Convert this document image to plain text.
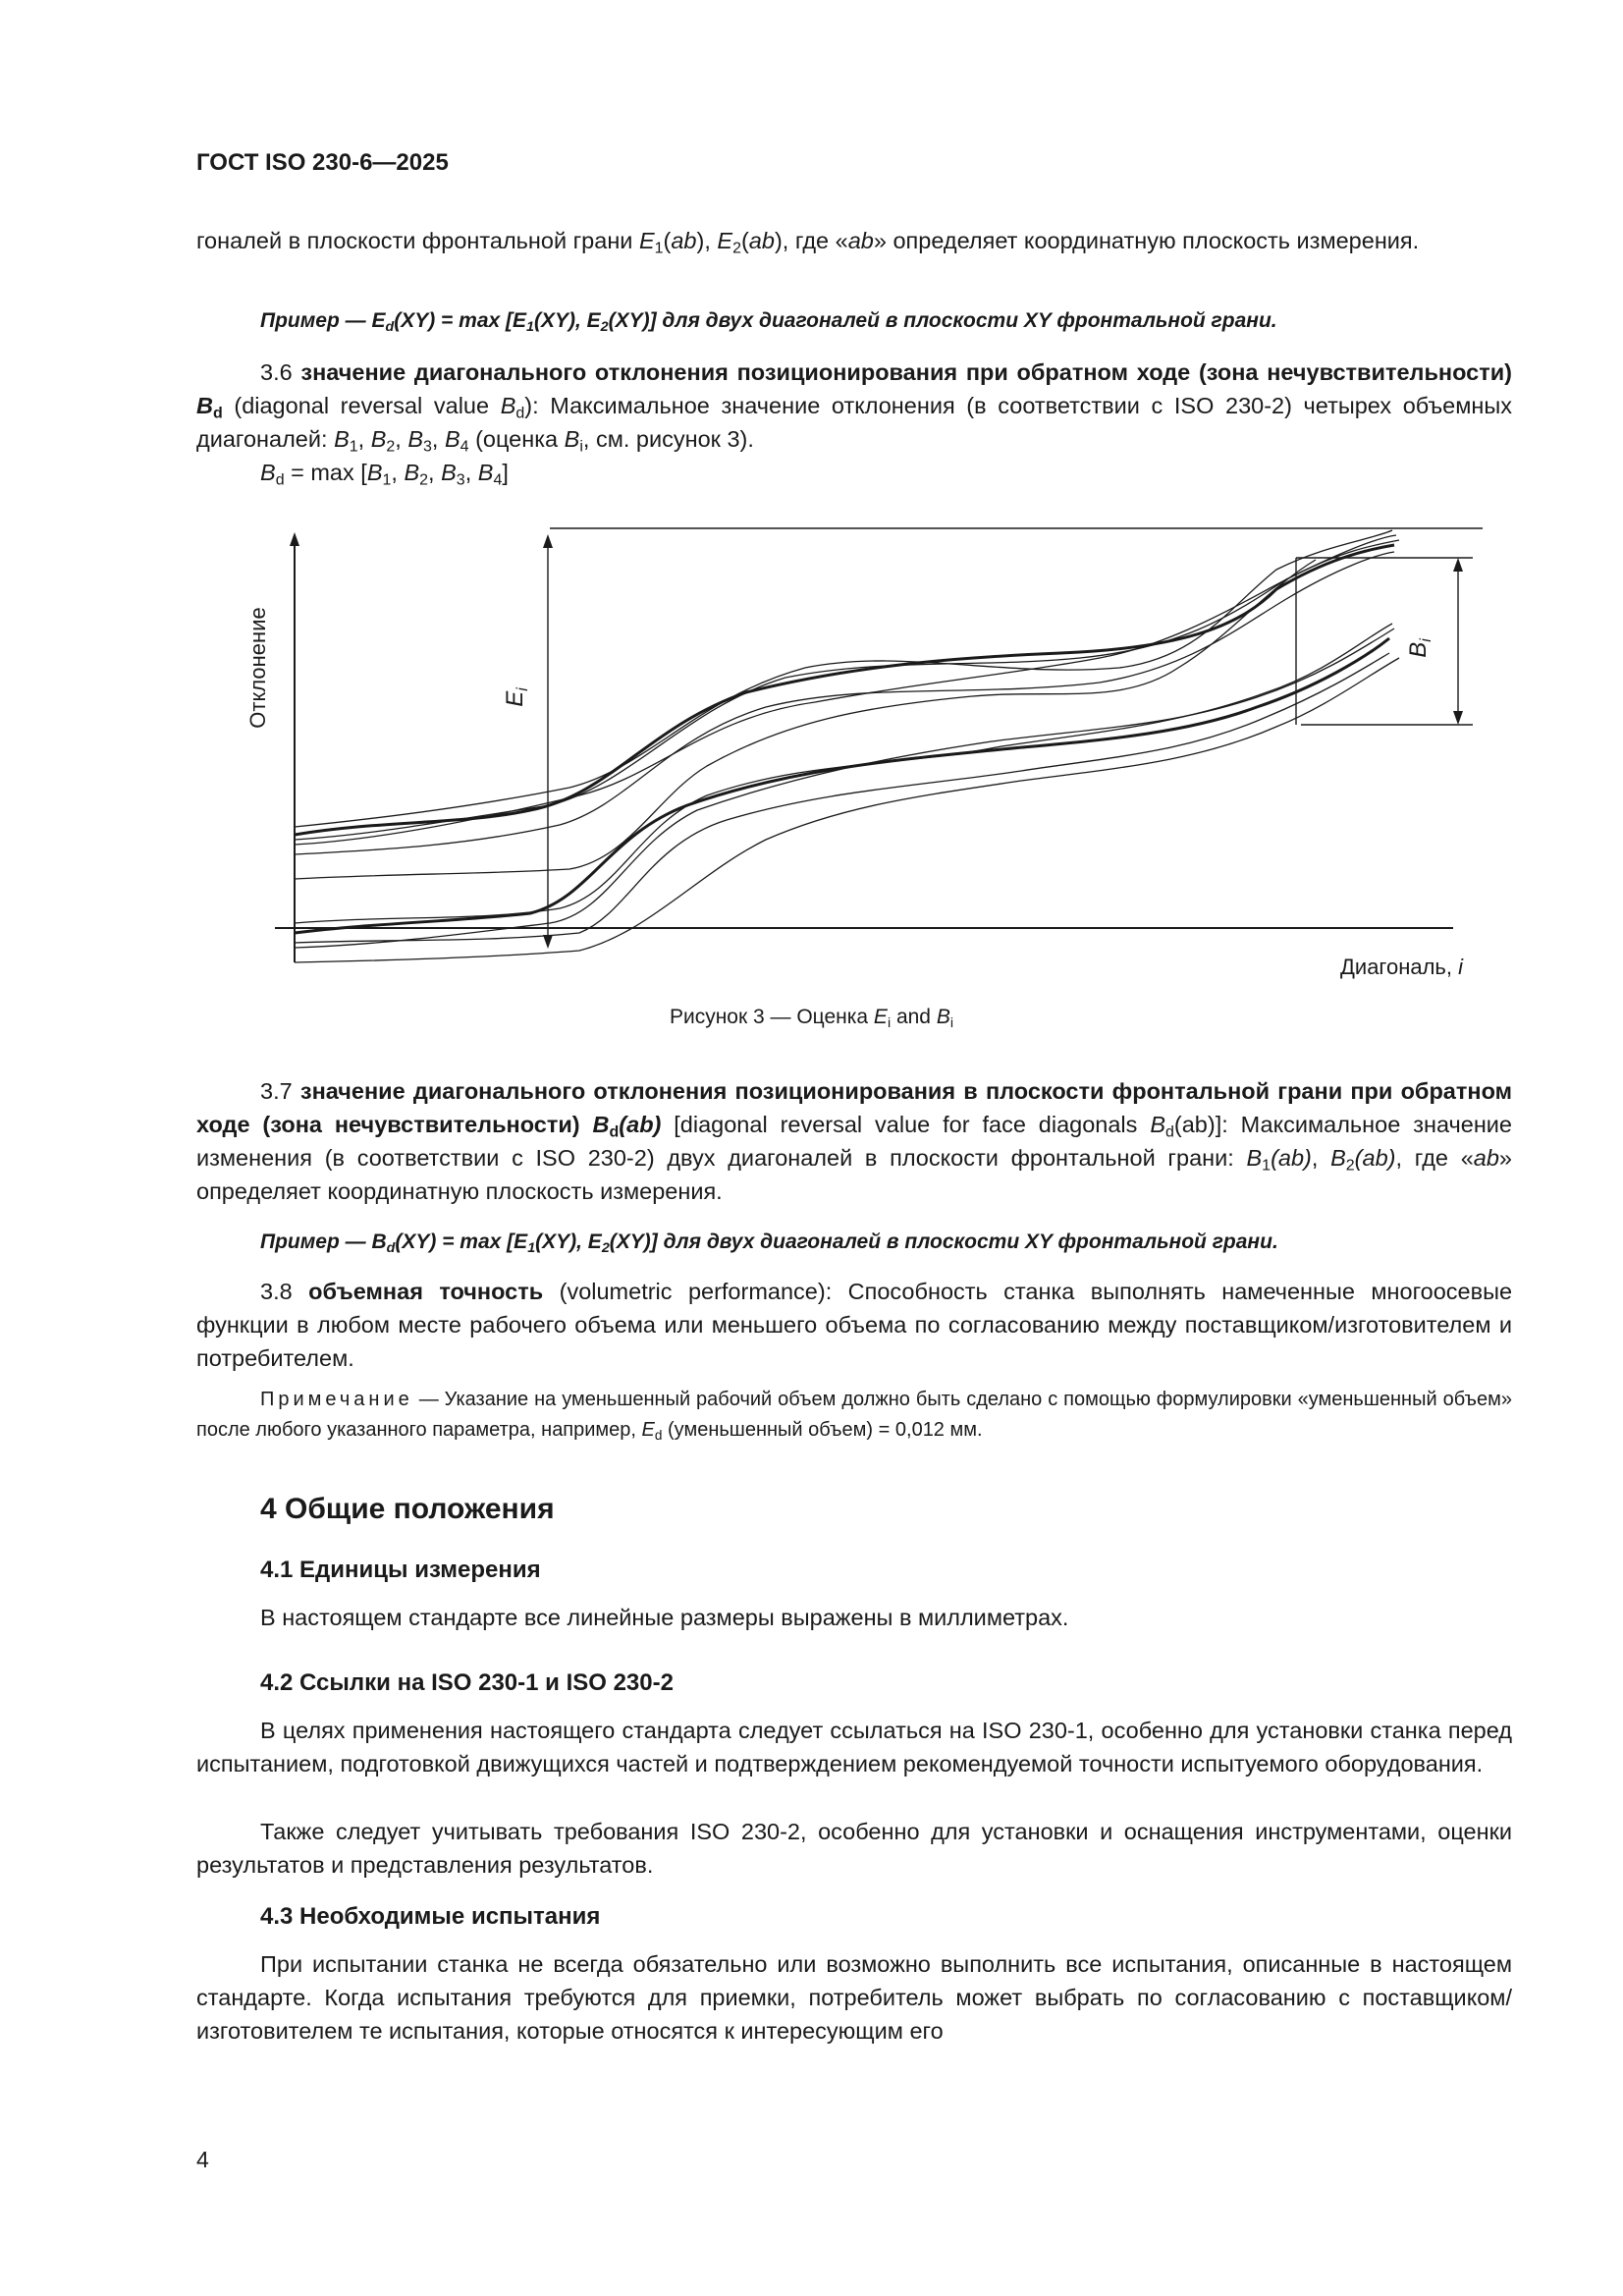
ГОСТ ISO 230-6—2025
гоналей в плоскости фронтальной грани $E_1(ab)$, $E_2(ab)$, где «ab» определяет координатную плоскость измерения.
Пример — $E_d(XY) = \max [E_1(XY)$, $E_2(XY)$] для двух диагоналей в плоскости XY фронтальной грани.
3.6 значение диагонального отклонения позиционирования при обратном ходе (зона нечувствительности) $B_d$ (diagonal reversal value $B_d$): Максимальное значение отклонения (в соответствии с ISO 230-2) четырех объемных диагоналей: $B_1$, $B_2$, $B_3$, $B_4$ (оценка $B_i$, см. рисунок 3).
$B_d = \max [B_1$, $B_2$, $B_3$, $B_4$]
Отклонение	$E_i$
$B_i$
Диагональ, i
Рисунок 3 — Оценка $E_i$ and $B_i$
3.7 значение диагонального отклонения позиционирования в плоскости фронтальной грани при обратном ходе (зона нечувствительности) $B_d(ab)$ [diagonal reversal value for face diagonals $B_d(ab)$]: Максимальное значение изменения (в соответствии с ISO 230-2) двух диагоналей в плоскости фронтальной грани: $B_1(ab)$, $B_2(ab)$, где «ab» определяет координатную плоскость измерения.
Пример — $B_d(XY) = \max [E_1(XY)$, $E_2(XY)$] для двух диагоналей в плоскости XY фронтальной грани.
3.8 объемная точность (volumetric performance): Способность станка выполнять намеченные многоосевые функции в любом месте рабочего объема или меньшего объема по согласованию между поставщиком/изготовителем и потребителем.
Примечание — Указание на уменьшенный рабочий объем должно быть сделано с помощью формулировки «уменьшенный объем» после любого указанного параметра, например, $E_d$ (уменьшенный объем) = 0,012 мм.
4 Общие положения
4.1 Единицы измерения
В настоящем стандарте все линейные размеры выражены в миллиметрах.
4.2 Ссылки на ISO 230-1 и ISO 230-2
В целях применения настоящего стандарта следует ссылаться на ISO 230-1, особенно для установки станка перед испытанием, подготовкой движущихся частей и подтверждением рекомендуемой точности испытуемого оборудования.
Также следует учитывать требования ISO 230-2, особенно для установки и оснащения инструментами, оценки результатов и представления результатов.
4.3 Необходимые испытания
При испытании станка не всегда обязательно или возможно выполнить все испытания, описанные в настоящем стандарте. Когда испытания требуются для приемки, потребитель может выбрать по согласованию с поставщиком/изготовителем те испытания, которые относятся к интересующим его
4
